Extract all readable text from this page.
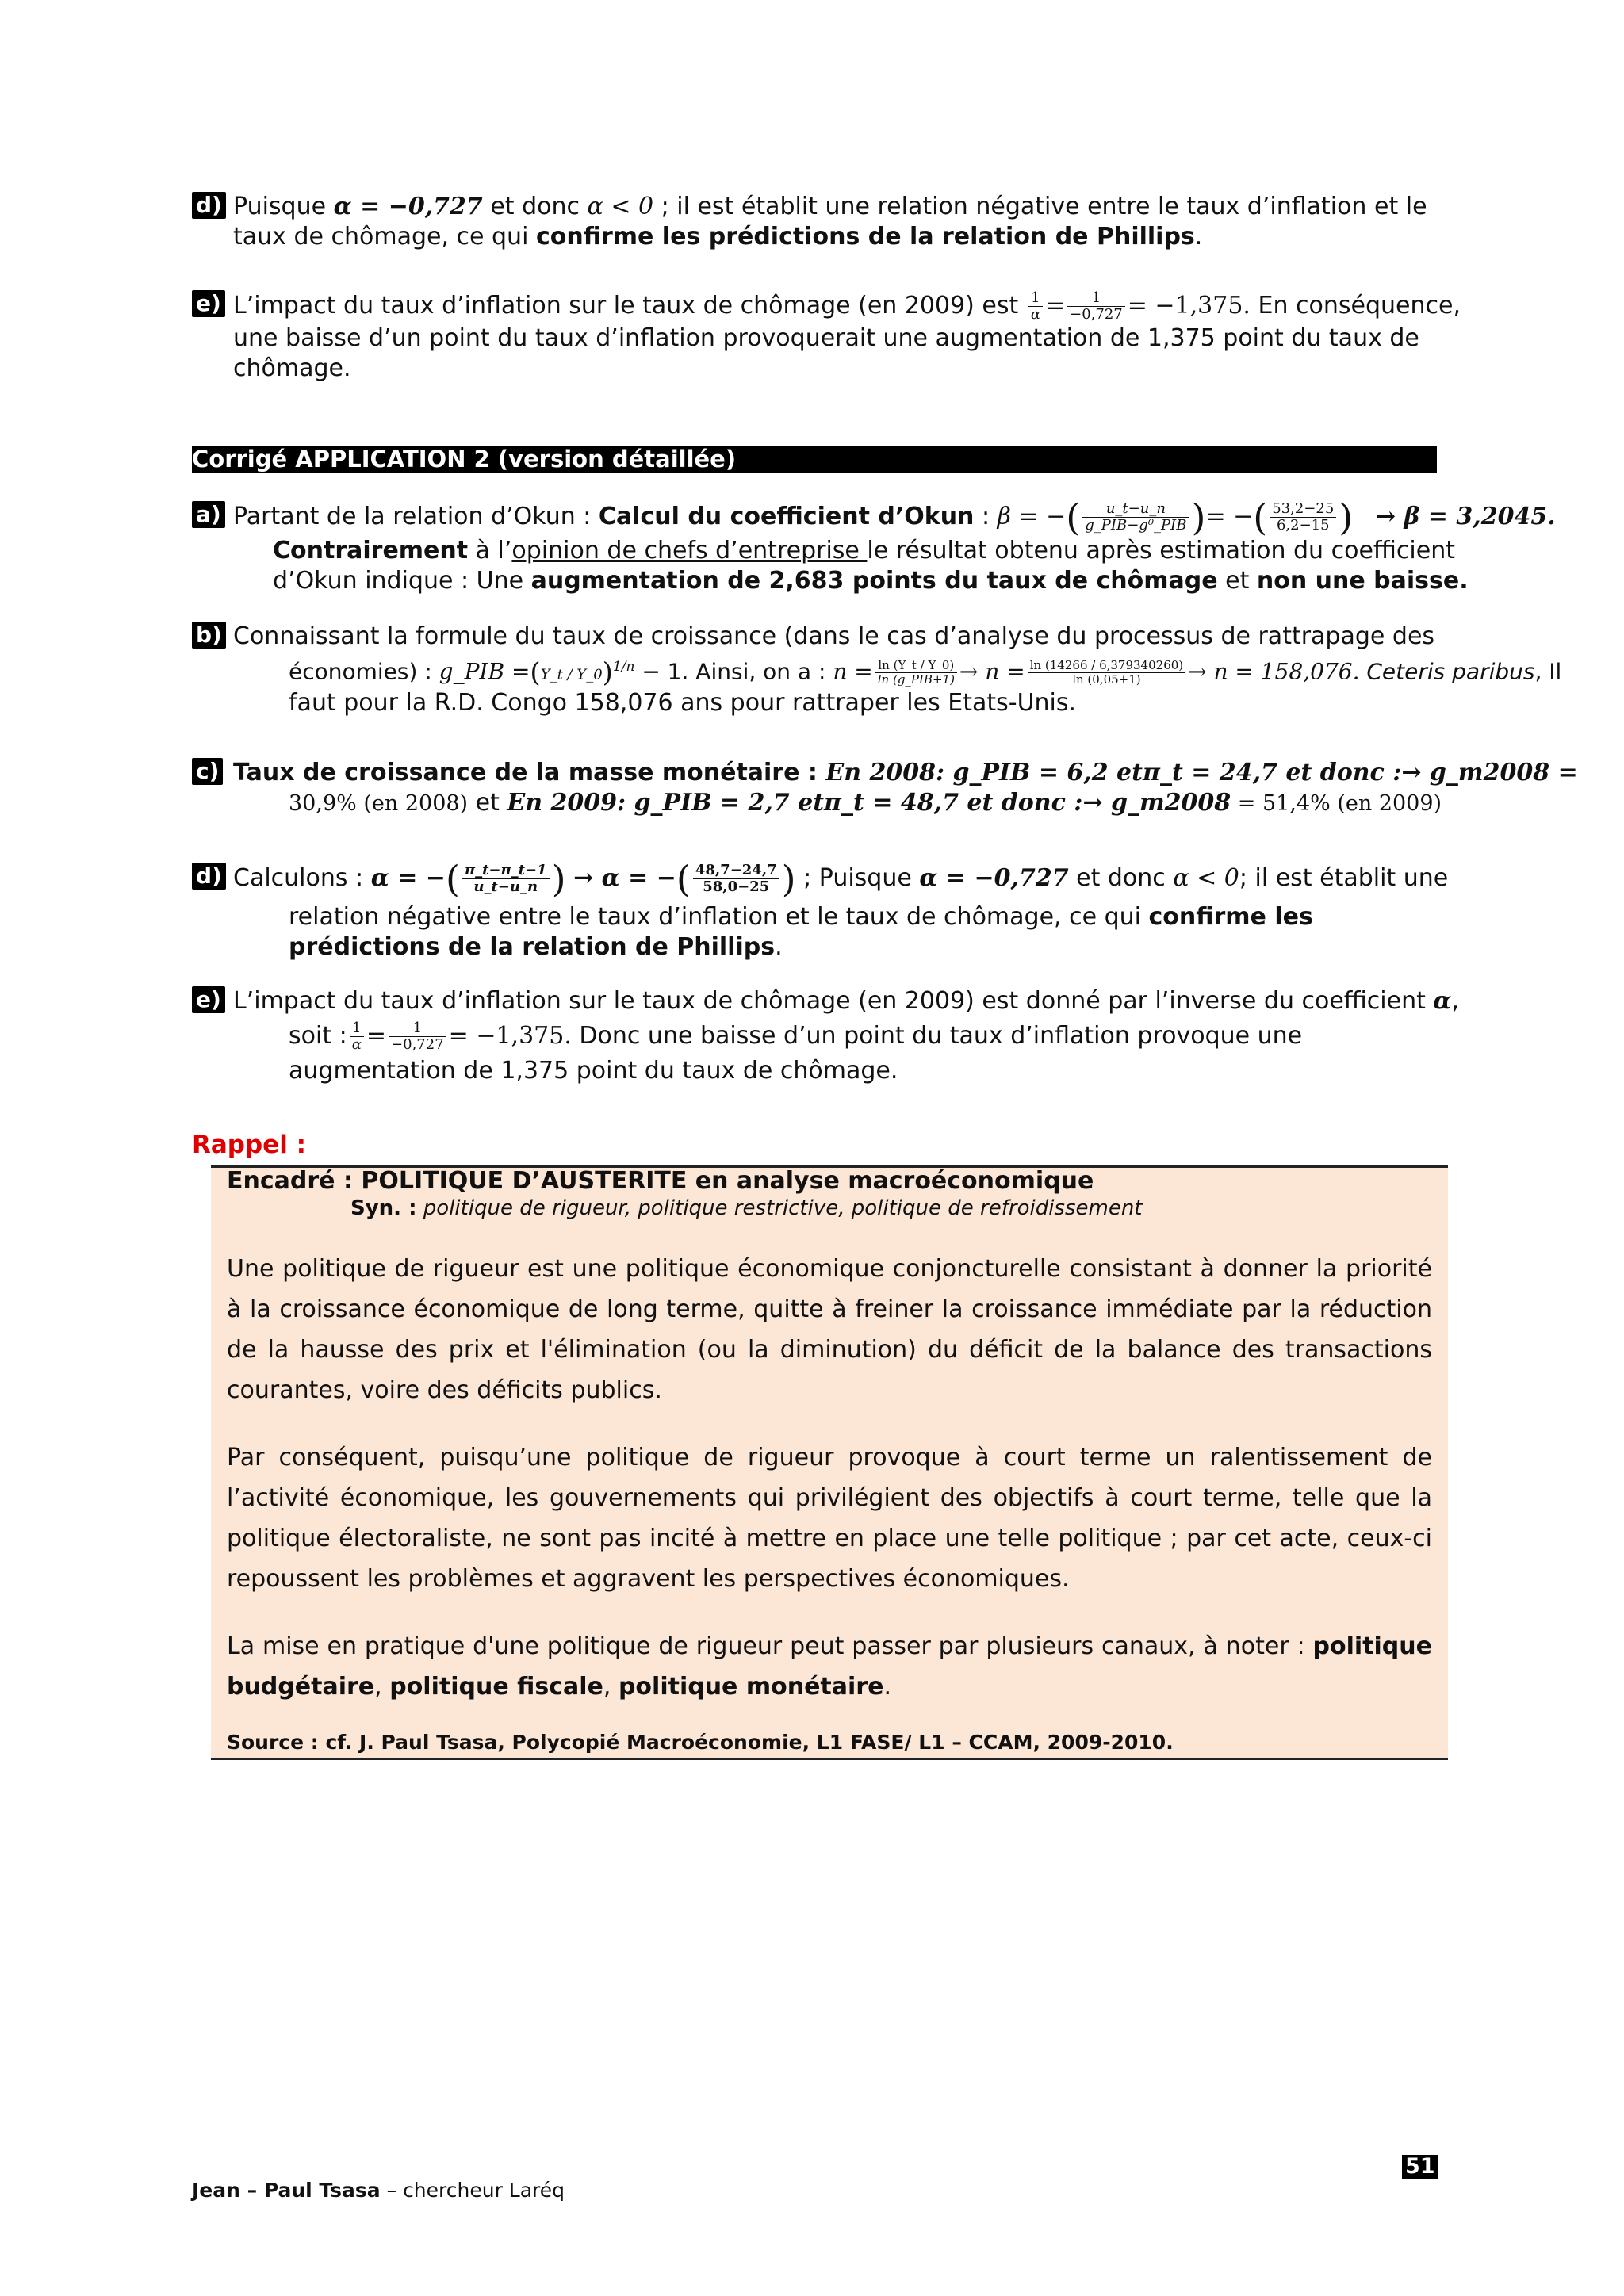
d) Puisque α = −0,727 et donc α < 0 ; il est établit une relation négative entre le taux d’inflation et le
taux de chômage, ce qui confirme les prédictions de la relation de Phillips.
e) L’impact du taux d’inflation sur le taux de chômage (en 2009) est $\frac{1}{\alpha} = \frac{1}{-0,727} = -1,375$. En conséquence,
une baisse d’un point du taux d’inflation provoquerait une augmentation de 1,375 point du taux de
chômage.
Corrigé APPLICATION 2 (version détaillée)
a) Partant de la relation d’Okun : Calcul du coefficient d’Okun : β = −( $\frac{u\_t-u\_n}{\text{g\_PIB−g⁰\_PIB}}$ )= −( $\frac{53,2-25}{6,2-15}$ ) → β = 3,2045.
Contrairement à l’opinion de chefs d’entreprise le résultat obtenu après estimation du coefficient
d’Okun indique : Une augmentation de 2,683 points du taux de chômage et non une baisse.
b) Connaissant la formule du taux de croissance (dans le cas d’analyse du processus de rattrapage des
économies) : g_PIB =(Y_t / Y_0)$^{1/n}$ − 1. Ainsi, on a : $n = \frac{\ln (Y\_t / Y\_0)}{\text{ln (g\_PIB+1)}} \to n = \frac{\ln (14266 / 6,379340260)}{\ln (0,05+1)} \to n = 158,076$. Ceteris paribus, Il
faut pour la R.D. Congo 158,076 ans pour rattraper les Etats-Unis.
c) Taux de croissance de la masse monétaire : En 2008: g_PIB = 6,2 etπ_t = 24,7 et donc :→ g_m2008 =
30,9% (en 2008) et En 2009: g_PIB = 2,7 etπ_t = 48,7 et donc :→ g_m2008 = 51,4% (en 2009)
d) Calculons : α = −( $\frac{\pi\_t-\pi\_t-1}{u\_t-u\_n}$ ) → α = −( $\frac{48,7-24,7}{58,0-25}$ ) ; Puisque α = −0,727 et donc α < 0; il est établit une
relation négative entre le taux d’inflation et le taux de chômage, ce qui confirme les
prédictions de la relation de Phillips.
e) L’impact du taux d’inflation sur le taux de chômage (en 2009) est donné par l’inverse du coefficient α,
soit : $\frac{1}{\alpha} = \frac{1}{-0,727} = -1,375$. Donc une baisse d’un point du taux d’inflation provoque une
augmentation de 1,375 point du taux de chômage.
Rappel :
Encadré : POLITIQUE D’AUSTERITE en analyse macroéconomique
Syn. : politique de rigueur, politique restrictive, politique de refroidissement
Une politique de rigueur est une politique économique conjoncturelle consistant à donner la priorité à la croissance économique de long terme, quitte à freiner la croissance immédiate par la réduction de la hausse des prix et l'élimination (ou la diminution) du déficit de la balance des transactions courantes, voire des déficits publics.
Par conséquent, puisqu’une politique de rigueur provoque à court terme un ralentissement de l’activité économique, les gouvernements qui privilégient des objectifs à court terme, telle que la politique électoraliste, ne sont pas incité à mettre en place une telle politique ; par cet acte, ceux-ci repoussent les problèmes et aggravent les perspectives économiques.
La mise en pratique d'une politique de rigueur peut passer par plusieurs canaux, à noter : politique budgétaire, politique fiscale, politique monétaire.
Source : cf. J. Paul Tsasa, Polycopié Macroéconomie, L1 FASE/ L1 – CCAM, 2009-2010.
Jean – Paul Tsasa – chercheur Laréq
51
